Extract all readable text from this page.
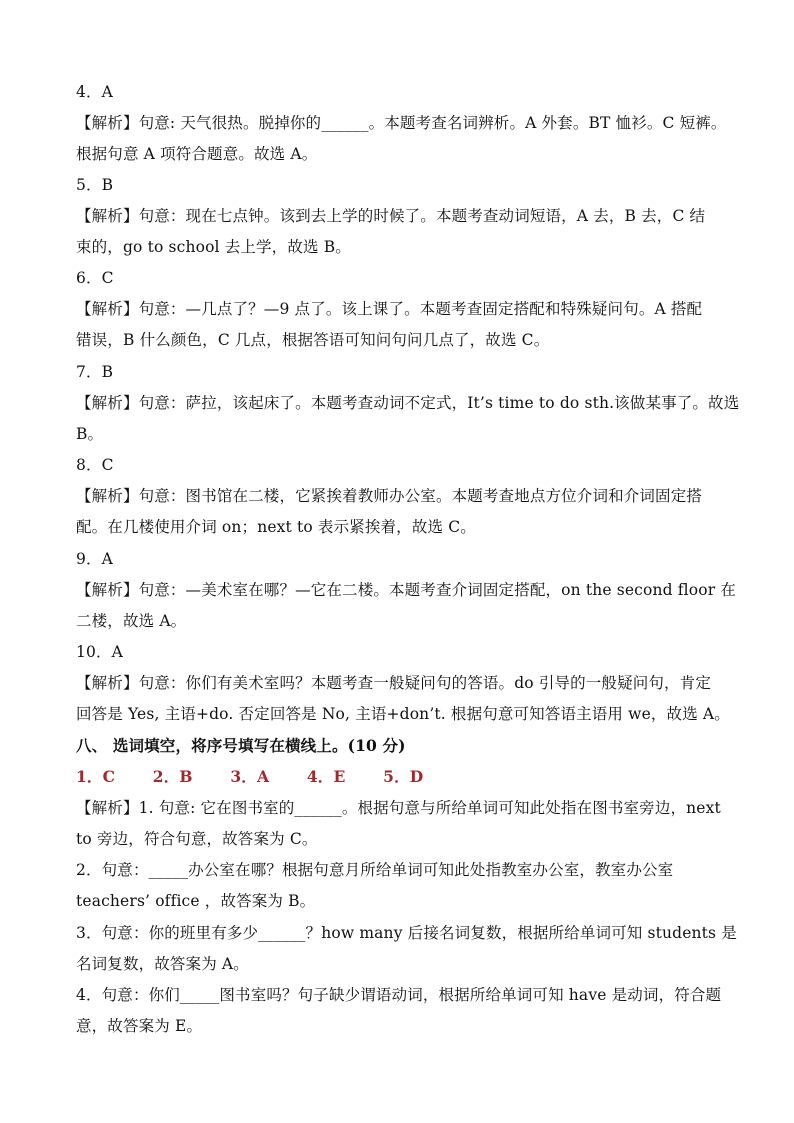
4．A
【解析】句意: 天气很热。脱掉你的______。本题考查名词辨析。A 外套。BT 恤衫。C 短裤。
根据句意 A 项符合题意。故选 A。
5．B
【解析】句意：现在七点钟。该到去上学的时候了。本题考查动词短语，A 去，B 去，C 结
束的，go to school 去上学，故选 B。
6．C
【解析】句意：—几点了？—9 点了。该上课了。本题考查固定搭配和特殊疑问句。A 搭配
错误，B 什么颜色，C 几点，根据答语可知问句问几点了，故选 C。
7．B
【解析】句意：萨拉，该起床了。本题考查动词不定式，It’s time to do sth.该做某事了。故选
B。
8．C
【解析】句意：图书馆在二楼，它紧挨着教师办公室。本题考查地点方位介词和介词固定搭
配。在几楼使用介词 on；next to 表示紧挨着，故选 C。
9．A
【解析】句意：—美术室在哪？—它在二楼。本题考查介词固定搭配，on the second floor 在
二楼，故选 A。
10．A
【解析】句意：你们有美术室吗？本题考查一般疑问句的答语。do 引导的一般疑问句，肯定
回答是 Yes, 主语+do. 否定回答是 No, 主语+don’t. 根据句意可知答语主语用 we，故选 A。
八、 选词填空，将序号填写在横线上。(10 分)
1．C     2．B     3．A     4．E     5．D
【解析】1. 句意: 它在图书室的______。根据句意与所给单词可知此处指在图书室旁边，next
to 旁边，符合句意，故答案为 C。
2．句意：_____办公室在哪？根据句意月所给单词可知此处指教室办公室，教室办公室
teachers’ office ，故答案为 B。
3．句意：你的班里有多少______？how many 后接名词复数，根据所给单词可知 students 是
名词复数，故答案为 A。
4．句意：你们_____图书室吗？句子缺少谓语动词，根据所给单词可知 have 是动词，符合题
意，故答案为 E。
